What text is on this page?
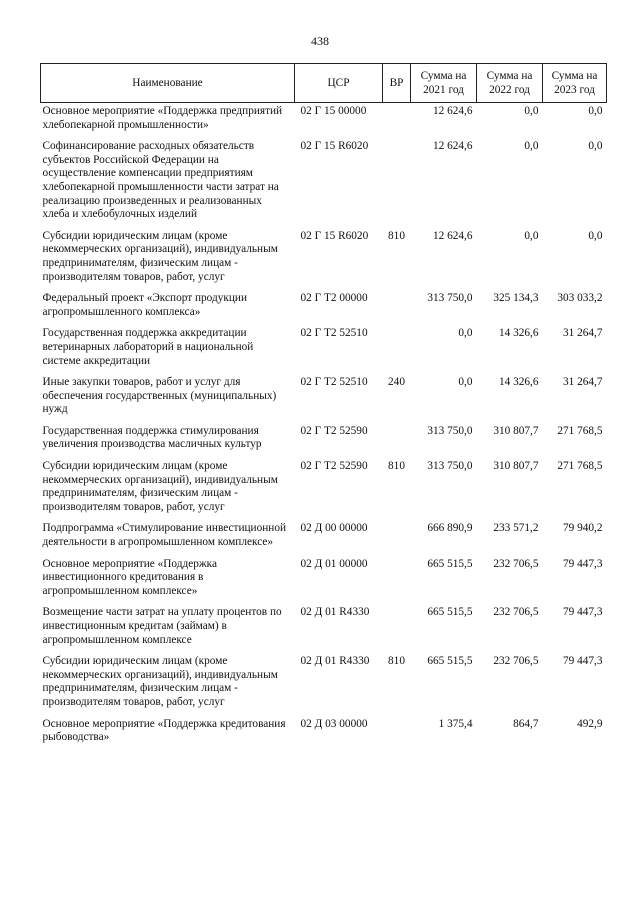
438
Наименование	ЦСР	ВР	Сумма на 2021 год	Сумма на 2022 год	Сумма на 2023 год
Основное мероприятие «Поддержка предприятий хлебопекарной промышленности»	02 Г 15 00000		12 624,6	0,0	0,0
Софинансирование расходных обязательств субъектов Российской Федерации на осуществление компенсации предприятиям хлебопекарной промышленности части затрат на реализацию произведенных и реализованных хлеба и хлебобулочных изделий	02 Г 15 R6020		12 624,6	0,0	0,0
Субсидии юридическим лицам (кроме некоммерческих организаций), индивидуальным предпринимателям, физическим лицам - производителям товаров, работ, услуг	02 Г 15 R6020	810	12 624,6	0,0	0,0
Федеральный проект «Экспорт продукции агропромышленного комплекса»	02 Г Т2 00000		313 750,0	325 134,3	303 033,2
Государственная поддержка аккредитации ветеринарных лабораторий в национальной системе аккредитации	02 Г Т2 52510		0,0	14 326,6	31 264,7
Иные закупки товаров, работ и услуг для обеспечения государственных (муниципальных) нужд	02 Г Т2 52510	240	0,0	14 326,6	31 264,7
Государственная поддержка стимулирования увеличения производства масличных культур	02 Г Т2 52590		313 750,0	310 807,7	271 768,5
Субсидии юридическим лицам (кроме некоммерческих организаций), индивидуальным предпринимателям, физическим лицам - производителям товаров, работ, услуг	02 Г Т2 52590	810	313 750,0	310 807,7	271 768,5
Подпрограмма «Стимулирование инвестиционной деятельности в агропромышленном комплексе»	02 Д 00 00000		666 890,9	233 571,2	79 940,2
Основное мероприятие «Поддержка инвестиционного кредитования в агропромышленном комплексе»	02 Д 01 00000		665 515,5	232 706,5	79 447,3
Возмещение части затрат на уплату процентов по инвестиционным кредитам (займам) в агропромышленном комплексе	02 Д 01 R4330		665 515,5	232 706,5	79 447,3
Субсидии юридическим лицам (кроме некоммерческих организаций), индивидуальным предпринимателям, физическим лицам - производителям товаров, работ, услуг	02 Д 01 R4330	810	665 515,5	232 706,5	79 447,3
Основное мероприятие «Поддержка кредитования рыбоводства»	02 Д 03 00000		1 375,4	864,7	492,9
